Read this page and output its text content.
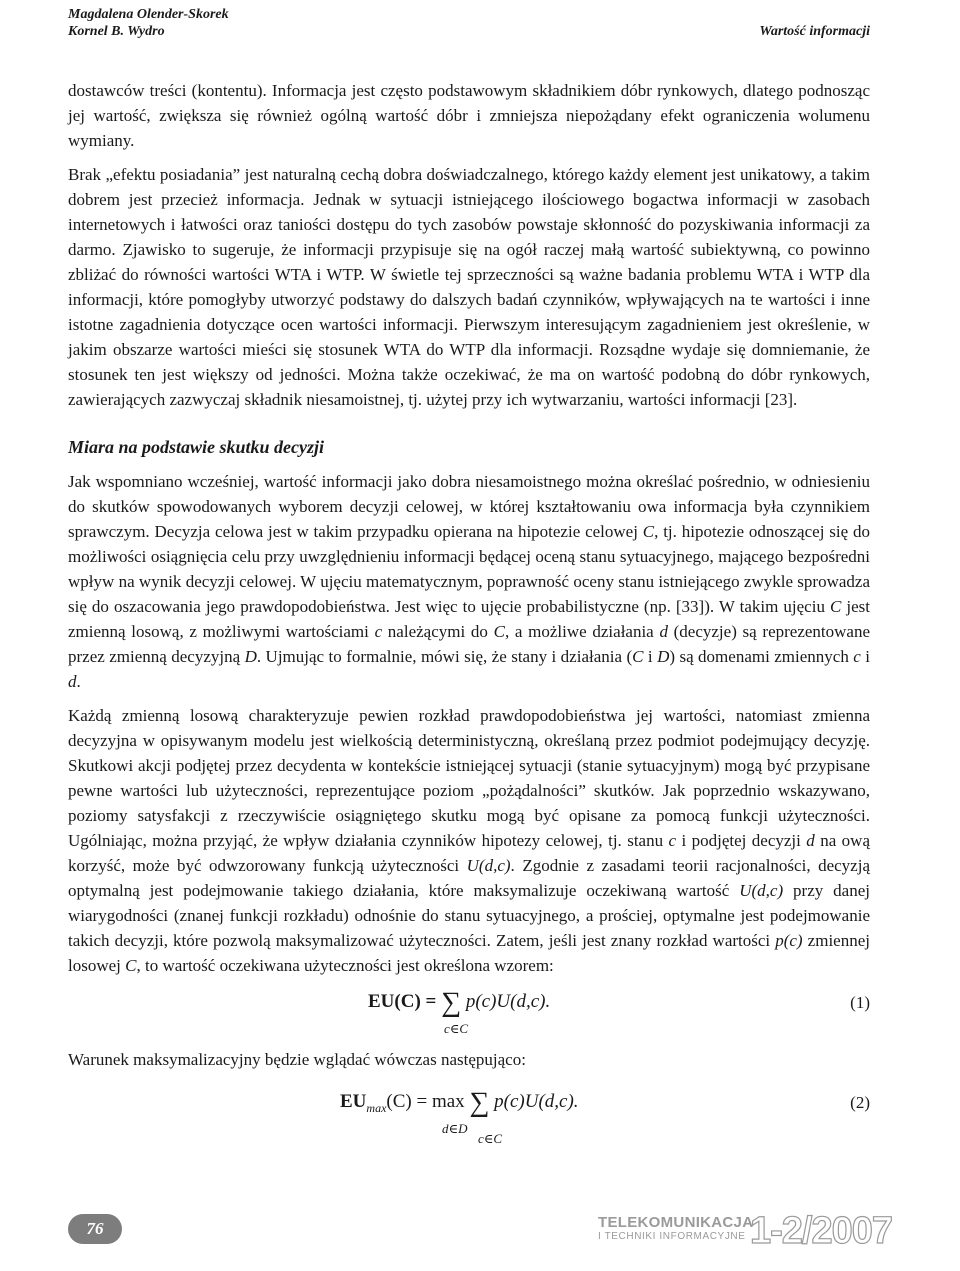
Magdalena Olender-Skorek
Kornel B. Wydro	Wartość informacji

dostawców treści (kontentu). Informacja jest często podstawowym składnikiem dóbr rynkowych, dlatego podnosząc jej wartość, zwiększa się również ogólną wartość dóbr i zmniejsza niepożądany efekt ograniczenia wolumenu wymiany.

Brak „efektu posiadania” jest naturalną cechą dobra doświadczalnego, którego każdy element jest unikatowy, a takim dobrem jest przecież informacja. Jednak w sytuacji istniejącego ilościowego bogactwa informacji w zasobach internetowych i łatwości oraz taniości dostępu do tych zasobów powstaje skłonność do pozyskiwania informacji za darmo. Zjawisko to sugeruje, że informacji przypisuje się na ogół raczej małą wartość subiektywną, co powinno zbliżać do równości wartości WTA i WTP. W świetle tej sprzeczności są ważne badania problemu WTA i WTP dla informacji, które pomogłyby utworzyć podstawy do dalszych badań czynników, wpływających na te wartości i inne istotne zagadnienia dotyczące ocen wartości informacji. Pierwszym interesującym zagadnieniem jest określenie, w jakim obszarze wartości mieści się stosunek WTA do WTP dla informacji. Rozsądne wydaje się domniemanie, że stosunek ten jest większy od jedności. Można także oczekiwać, że ma on wartość podobną do dóbr rynkowych, zawierających zazwyczaj składnik niesamoistnej, tj. użytej przy ich wytwarzaniu, wartości informacji [23].

Miara na podstawie skutku decyzji

Jak wspomniano wcześniej, wartość informacji jako dobra niesamoistnego można określać pośrednio, w odniesieniu do skutków spowodowanych wyborem decyzji celowej, w której kształtowaniu owa informacja była czynnikiem sprawczym. Decyzja celowa jest w takim przypadku opierana na hipotezie celowej C, tj. hipotezie odnoszącej się do możliwości osiągnięcia celu przy uwzględnieniu informacji będącej oceną stanu sytuacyjnego, mającego bezpośredni wpływ na wynik decyzji celowej. W ujęciu matematycznym, poprawność oceny stanu istniejącego zwykle sprowadza się do oszacowania jego prawdopodobieństwa. Jest więc to ujęcie probabilistyczne (np. [33]). W takim ujęciu C jest zmienną losową, z możliwymi wartościami c należącymi do C, a możliwe działania d (decyzje) są reprezentowane przez zmienną decyzyjną D. Ujmując to formalnie, mówi się, że stany i działania (C i D) są domenami zmiennych c i d.

Każdą zmienną losową charakteryzuje pewien rozkład prawdopodobieństwa jej wartości, natomiast zmienna decyzyjna w opisywanym modelu jest wielkością deterministyczną, określaną przez podmiot podejmujący decyzję. Skutkowi akcji podjętej przez decydenta w kontekście istniejącej sytuacji (stanie sytuacyjnym) mogą być przypisane pewne wartości lub użyteczności, reprezentujące poziom „pożądalności” skutków. Jak poprzednio wskazywano, poziomy satysfakcji z rzeczywiście osiągniętego skutku mogą być opisane za pomocą funkcji użyteczności. Ugólniając, można przyjąć, że wpływ działania czynników hipotezy celowej, tj. stanu c i podjętej decyzji d na ową korzyść, może być odwzorowany funkcją użyteczności U(d,c). Zgodnie z zasadami teorii racjonalności, decyzją optymalną jest podejmowanie takiego działania, które maksymalizuje oczekiwaną wartość U(d,c) przy danej wiarygodności (znanej funkcji rozkładu) odnośnie do stanu sytuacyjnego, a prościej, optymalne jest podejmowanie takich decyzji, które pozwolą maksymalizować użyteczności. Zatem, jeśli jest znany rozkład wartości p(c) zmiennej losowej C, to wartość oczekiwana użyteczności jest określona wzorem:

EU(C) = ∑ p(c)U(d,c).
c∈C
(1)

Warunek maksymalizacyjny będzie wglądać wówczas następująco:

$EU_{max}(C) = \max$ ∑ p(c)U(d,c).
d∈D
c∈C
(2)
76	TELEKOMUNIKACJA
I TECHNIKI INFORMACYJNE 1-2/2007
